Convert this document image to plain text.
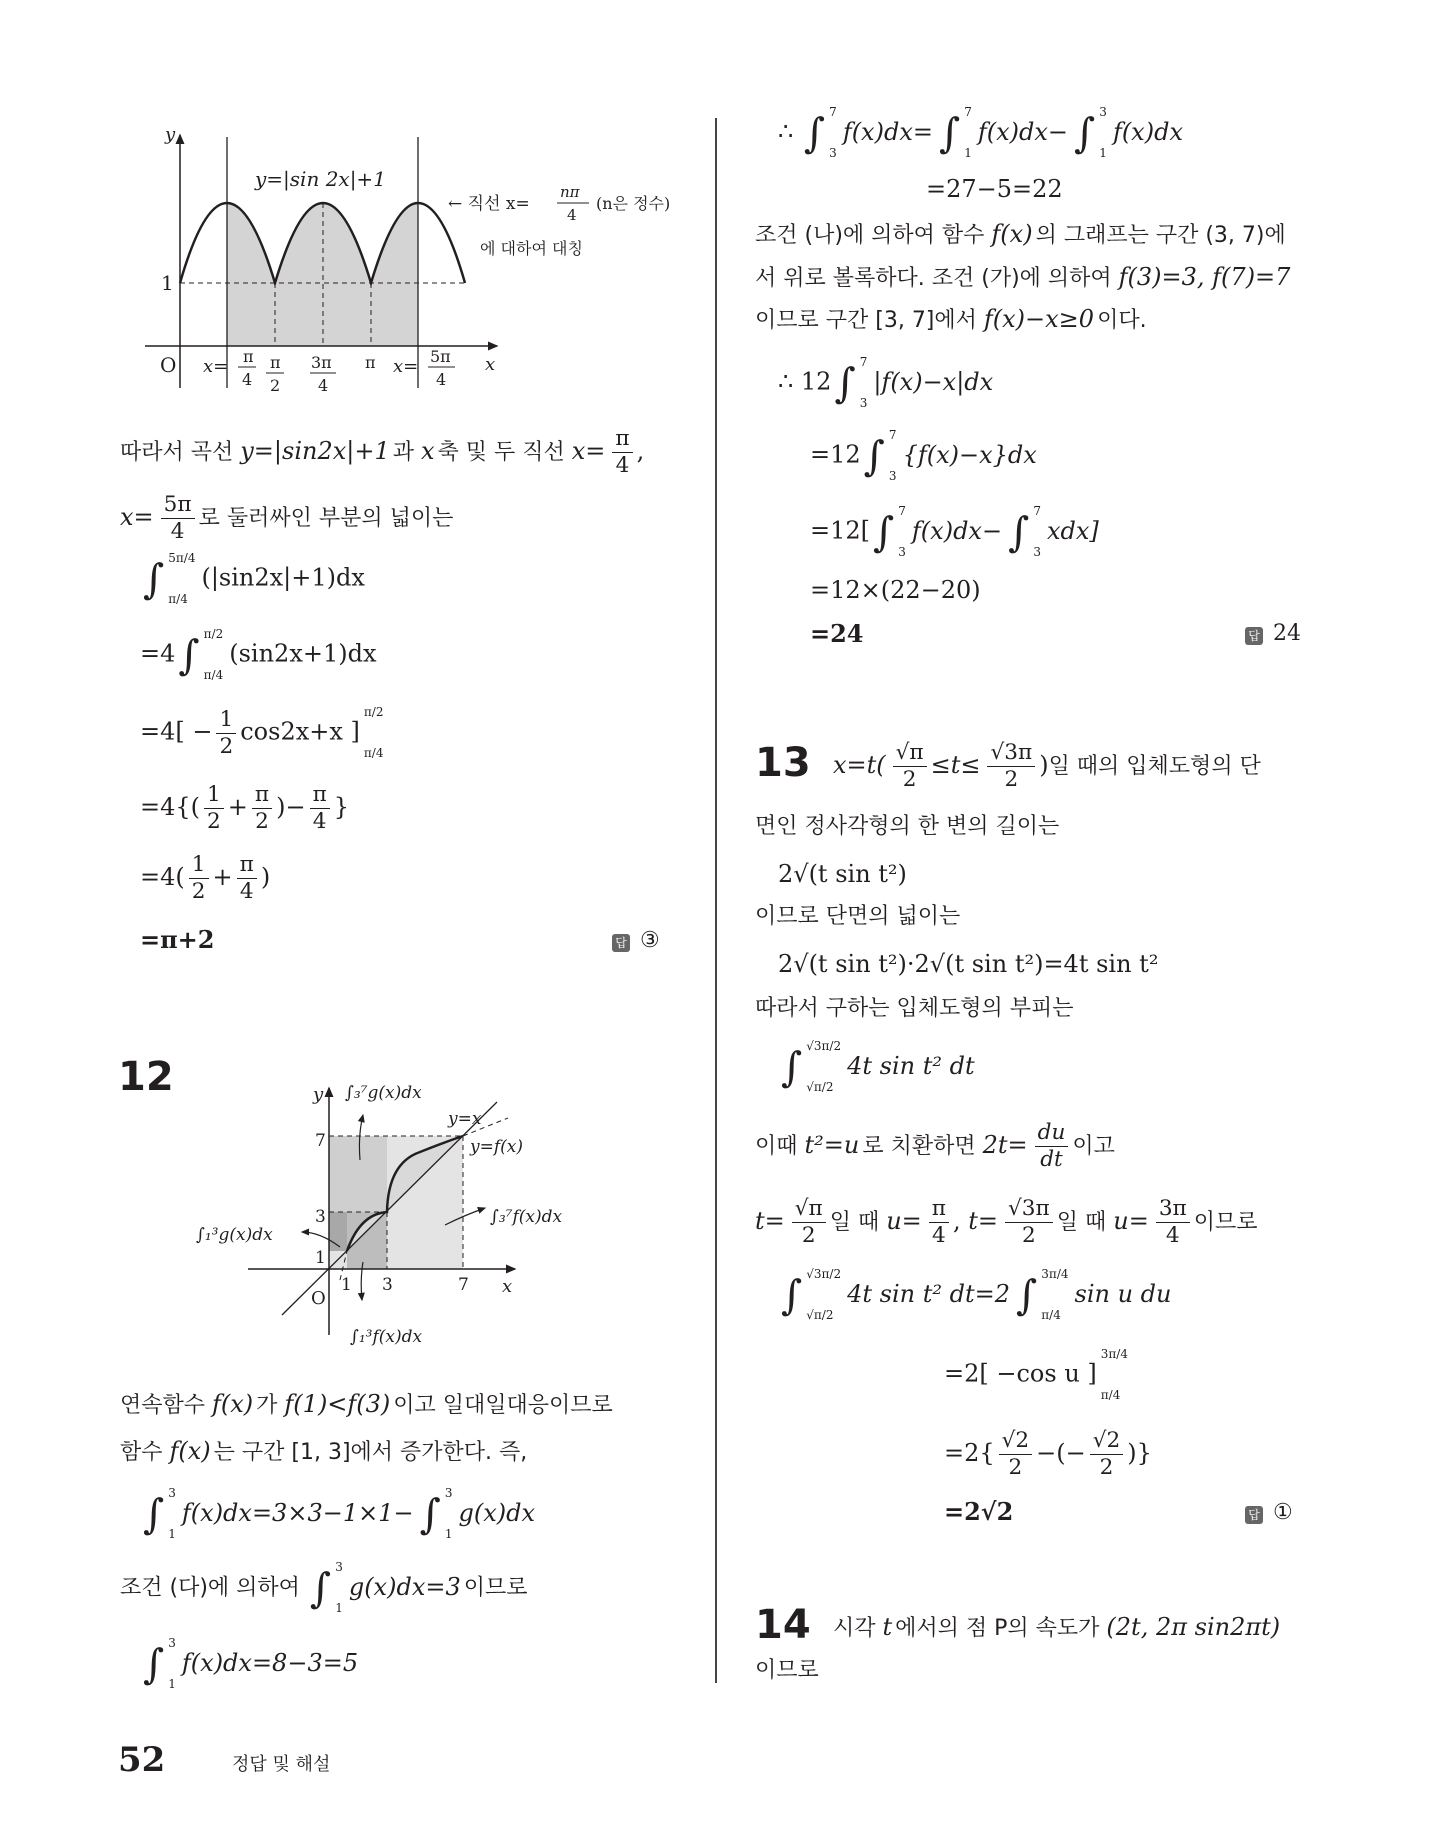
y
x
O
1
y=|sin 2x|+1
π
2
3π
4
π
x= π
4
x= 5π
4
← 직선 x=
nπ
4
(n은 정수)
에 대하여 대칭
따라서 곡선 y=|sin2x|+1 과 x 축 및 두 직선 $x= \frac{\pi}{4}$ ,
$x= \frac{5\pi}{4}$ 로 둘러싸인 부분의 넓이는
∫ 5π/4
π/4
(|sin2x|+1)dx
=4∫ π/2
π/4
(sin2x+1)dx
$=4[ - \frac{1}{2} \cos 2x+x$ ]
π/2
π/4
$=4\{( \frac{1}{2} + \frac{\pi}{2}$ )− $\frac{\pi}{4}$ }
$=4( \frac{1}{2} + \frac{\pi}{4}$ )
=π+2	답 ③
12	y
x
O
1 3	7
1
3
7
y=x
y=f(x)
∫₃⁷g(x)dx
∫₃⁷f(x)dx
∫₁³g(x)dx
∫₁³f(x)dx
연속함수 f(x) 가 f(1)<f(3) 이고 일대일대응이므로
함수 f(x) 는 구간 [1, 3]에서 증가한다. 즉,
∫ 3
1
f(x)dx=3×3−1×1− ∫ 3
1
g(x)dx
조건 (다)에 의하여 ∫ 3
1
g(x)dx=3 이므로
∫ 3
1
f(x)dx=8−3=5
∴ ∫ 7
3
f(x)dx= ∫ 7
1
f(x)dx− ∫ 3
1
f(x)dx
=27−5=22
조건 (나)에 의하여 함수 f(x) 의 그래프는 구간 (3, 7)에
서 위로 볼록하다. 조건 (가)에 의하여 f(3)=3, f(7)=7
이므로 구간 [3, 7]에서 f(x)−x≥0 이다.
∴ 12∫ 7
3
|f(x)−x|dx
=12∫ 7
3
{f(x)−x}dx
=12[∫ 7
3
f(x)dx− ∫ 7
3
xdx]
=12×(22−20)
=24	답 24
13 $x=t( \frac{√\pi}{2} \le t\le \frac{√3\pi}{2}$ )일 때의 입체도형의 단
면인 정사각형의 한 변의 길이는
2√(t sin t²)
이므로 단면의 넓이는
2√(t sin t²)·2√(t sin t²)=4t sin t²
따라서 구하는 입체도형의 부피는
∫ √3π/2
√π/2
4t sin t² dt
이때 t²=u 로 치환하면 $2t= \frac{du}{dt}$ 이고
$t= \frac{√\pi}{2}$ 일 때 $u= \frac{\pi}{4}$ , $t= \frac{√3\pi}{2}$ 일 때 $u= \frac{3\pi}{4}$ 이므로
∫ √3π/2
√π/2
4t sin t² dt=2 ∫ 3π/4
π/4
sin u du
=2[ −cos u ]
3π/4
π/4
$=2\{ \frac{√2}{2}$ −(− $\frac{√2}{2}$ )}
=2√2	답 ①
14 시각 t 에서의 점 P의 속도가 (2t, 2π sin2πt)
이므로
52	정답 및 해설
